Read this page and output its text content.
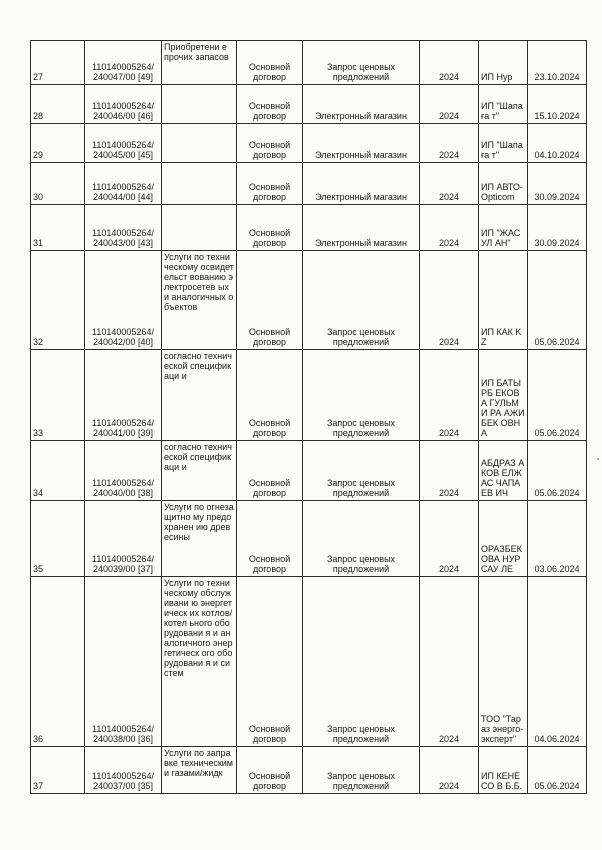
27	110140005264/ 240047/00 [49]	Приобретени е прочих запасов	Основной договор	Запрос ценовых предложений	2024	ИП Нур	23.10.2024
28	110140005264/ 240046/00 [46]		Основной договор	Электронный магазин	2024	ИП "Шапаға т"	15.10.2024
29	110140005264/ 240045/00 [45]		Основной договор	Электронный магазин	2024	ИП "Шапаға т"	04.10.2024
30	110140005264/ 240044/00 [44]		Основной договор	Электронный магазин	2024	ИП АВТО- Opticom	30.09.2024
31	110140005264/ 240043/00 [43]		Основной договор	Электронный магазин	2024	ИП "ЖАСУЛ АН"	30.09.2024
32	110140005264/ 240042/00 [40]	Услуги по техническому освидетельст вованию электросетев ых и аналогичных объектов	Основной договор	Запрос ценовых предложений	2024	ИП КАК KZ	05.06.2024
33	110140005264/ 240041/00 [39]	согласно технической спецификаци и	Основной договор	Запрос ценовых предложений	2024	ИП БАТЫРБ ЕКОВА ГУЛЬМИ РА АЖИБЕК ОВНА	05.06.2024
34	110140005264/ 240040/00 [38]	согласно технической спецификаци и	Основной договор	Запрос ценовых предложений	2024	АБДРАЗ АКОВ ЕЛЖАС ЧАПАЕВ ИЧ	05.06.2024
35	110140005264/ 240039/00 [37]	Услуги по огнезащитно му предохранен ию древесины	Основной договор	Запрос ценовых предложений	2024	ОРАЗБЕК ОВА НУРСАУ ЛЕ	03.06.2024
36	110140005264/ 240038/00 [36]	Услуги по техническому обслуживани ю энергетическ их котлов/котел ьного оборудовани я и аналогичного энергетическ ого оборудовани я и систем	Основной договор	Запрос ценовых предложений	2024	ТОО "Тараз энерго- эксперт"	04.06.2024
37	110140005264/ 240037/00 [35]	Услуги по заправке техническими газами/жидк	Основной договор	Запрос ценовых предложений	2024	ИП КЕНЕСО В Б.Б.	05.06.2024
